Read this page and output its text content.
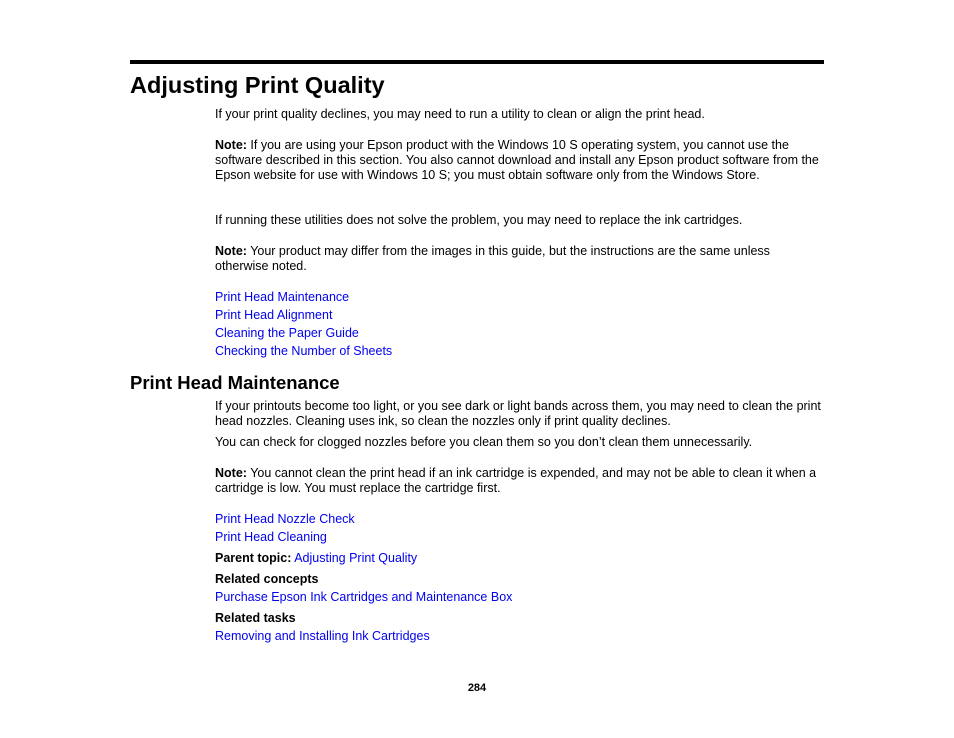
Adjusting Print Quality

If your print quality declines, you may need to run a utility to clean or align the print head.

Note: If you are using your Epson product with the Windows 10 S operating system, you cannot use the software described in this section. You also cannot download and install any Epson product software from the Epson website for use with Windows 10 S; you must obtain software only from the Windows Store.

If running these utilities does not solve the problem, you may need to replace the ink cartridges.

Note: Your product may differ from the images in this guide, but the instructions are the same unless otherwise noted.

Print Head Maintenance
Print Head Alignment
Cleaning the Paper Guide
Checking the Number of Sheets
Print Head Maintenance

If your printouts become too light, or you see dark or light bands across them, you may need to clean the print head nozzles. Cleaning uses ink, so clean the nozzles only if print quality declines.

You can check for clogged nozzles before you clean them so you don’t clean them unnecessarily.

Note: You cannot clean the print head if an ink cartridge is expended, and may not be able to clean it when a cartridge is low. You must replace the cartridge first.

Print Head Nozzle Check
Print Head Cleaning

Parent topic: Adjusting Print Quality

Related concepts

Purchase Epson Ink Cartridges and Maintenance Box

Related tasks

Removing and Installing Ink Cartridges
284
